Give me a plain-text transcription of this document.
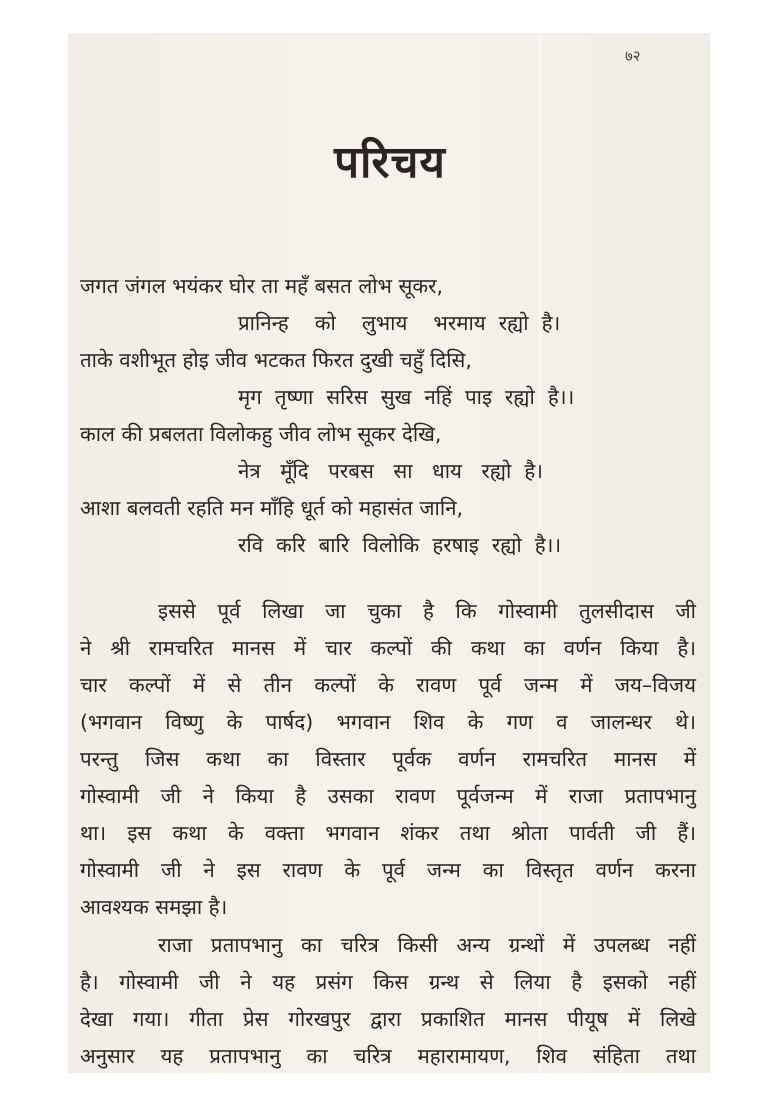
७२
परिचय
जगत जंगल भयंकर घोर ता महँ बसत लोभ सूकर,
प्रानिन्ह    को    लुभाय    भरमाय  रह्यो  है।
ताके वशीभूत होइ जीव भटकत फिरत दुखी चहुँ दिसि,
मृग  तृष्णा  सरिस  सुख  नहिं  पाइ  रह्यो  है।।
काल की प्रबलता विलोकहु जीव लोभ सूकर देखि,
नेत्र   मूँदि   परबस   सा   धाय   रह्यो  है।
आशा बलवती रहति मन माँहि धूर्त को महासंत जानि,
रवि  करि  बारि  विलोकि  हरषाइ  रह्यो  है।।
इससे पूर्व लिखा जा चुका है कि गोस्वामी तुलसीदास जी
ने श्री रामचरित मानस में चार कल्पों की कथा का वर्णन किया है।
चार कल्पों में से तीन कल्पों के रावण पूर्व जन्म में जय–विजय
(भगवान विष्णु के पार्षद) भगवान शिव के गण व जालन्धर थे।
परन्तु जिस कथा का विस्तार पूर्वक वर्णन रामचरित मानस में
गोस्वामी जी ने किया है उसका रावण पूर्वजन्म में राजा प्रतापभानु
था। इस कथा के वक्ता भगवान शंकर तथा श्रोता पार्वती जी हैं।
गोस्वामी जी ने इस रावण के पूर्व जन्म का विस्तृत वर्णन करना
आवश्यक समझा है।
राजा प्रतापभानु का चरित्र किसी अन्य ग्रन्थों में उपलब्ध नहीं
है। गोस्वामी जी ने यह प्रसंग किस ग्रन्थ से लिया है इसको नहीं
देखा गया। गीता प्रेस गोरखपुर द्वारा प्रकाशित मानस पीयूष में लिखे
अनुसार यह प्रतापभानु का चरित्र महारामायण, शिव संहिता तथा
